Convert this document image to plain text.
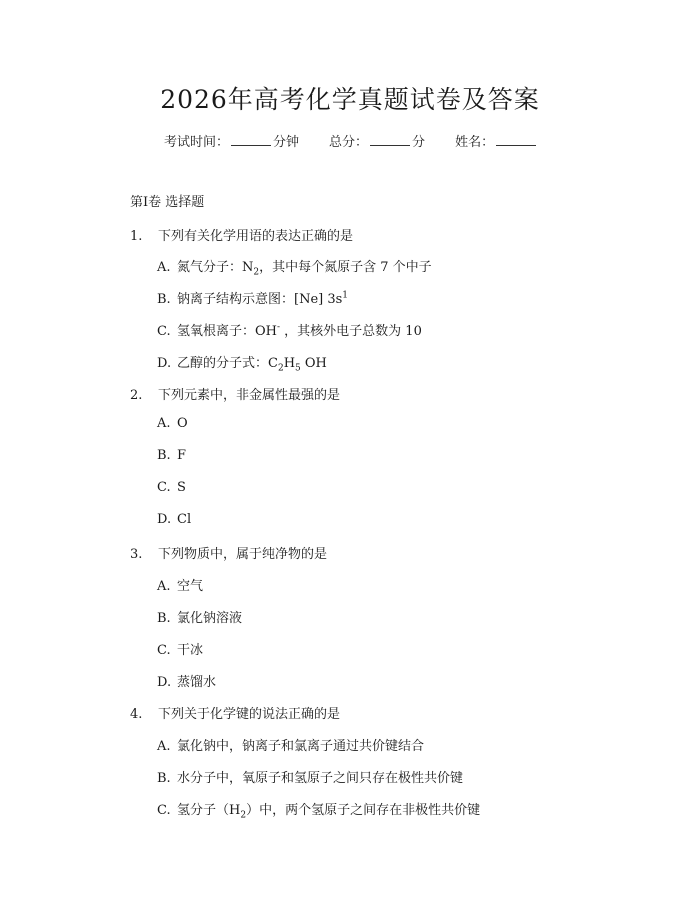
2026年高考化学真题试卷及答案
考试时间：	分钟 总分：	分 姓名：
第Ⅰ卷 选择题
1. 下列有关化学用语的表达正确的是
A. 氮气分子：$N_2$，其中每个氮原子含 7 个中子
B. 钠离子结构示意图：[Ne] $3s^1$
C. 氢氧根离子：OH- ，其核外电子总数为 10
D. 乙醇的分子式：$C_2H_5$ OH
2. 下列元素中，非金属性最强的是
A. O
B. F
C. S
D. Cl
3. 下列物质中，属于纯净物的是
A. 空气
B. 氯化钠溶液
C. 干冰
D. 蒸馏水
4. 下列关于化学键的说法正确的是
A. 氯化钠中，钠离子和氯离子通过共价键结合
B. 水分子中，氧原子和氢原子之间只存在极性共价键
C. 氢分子$(H_2)$中，两个氢原子之间存在非极性共价键
